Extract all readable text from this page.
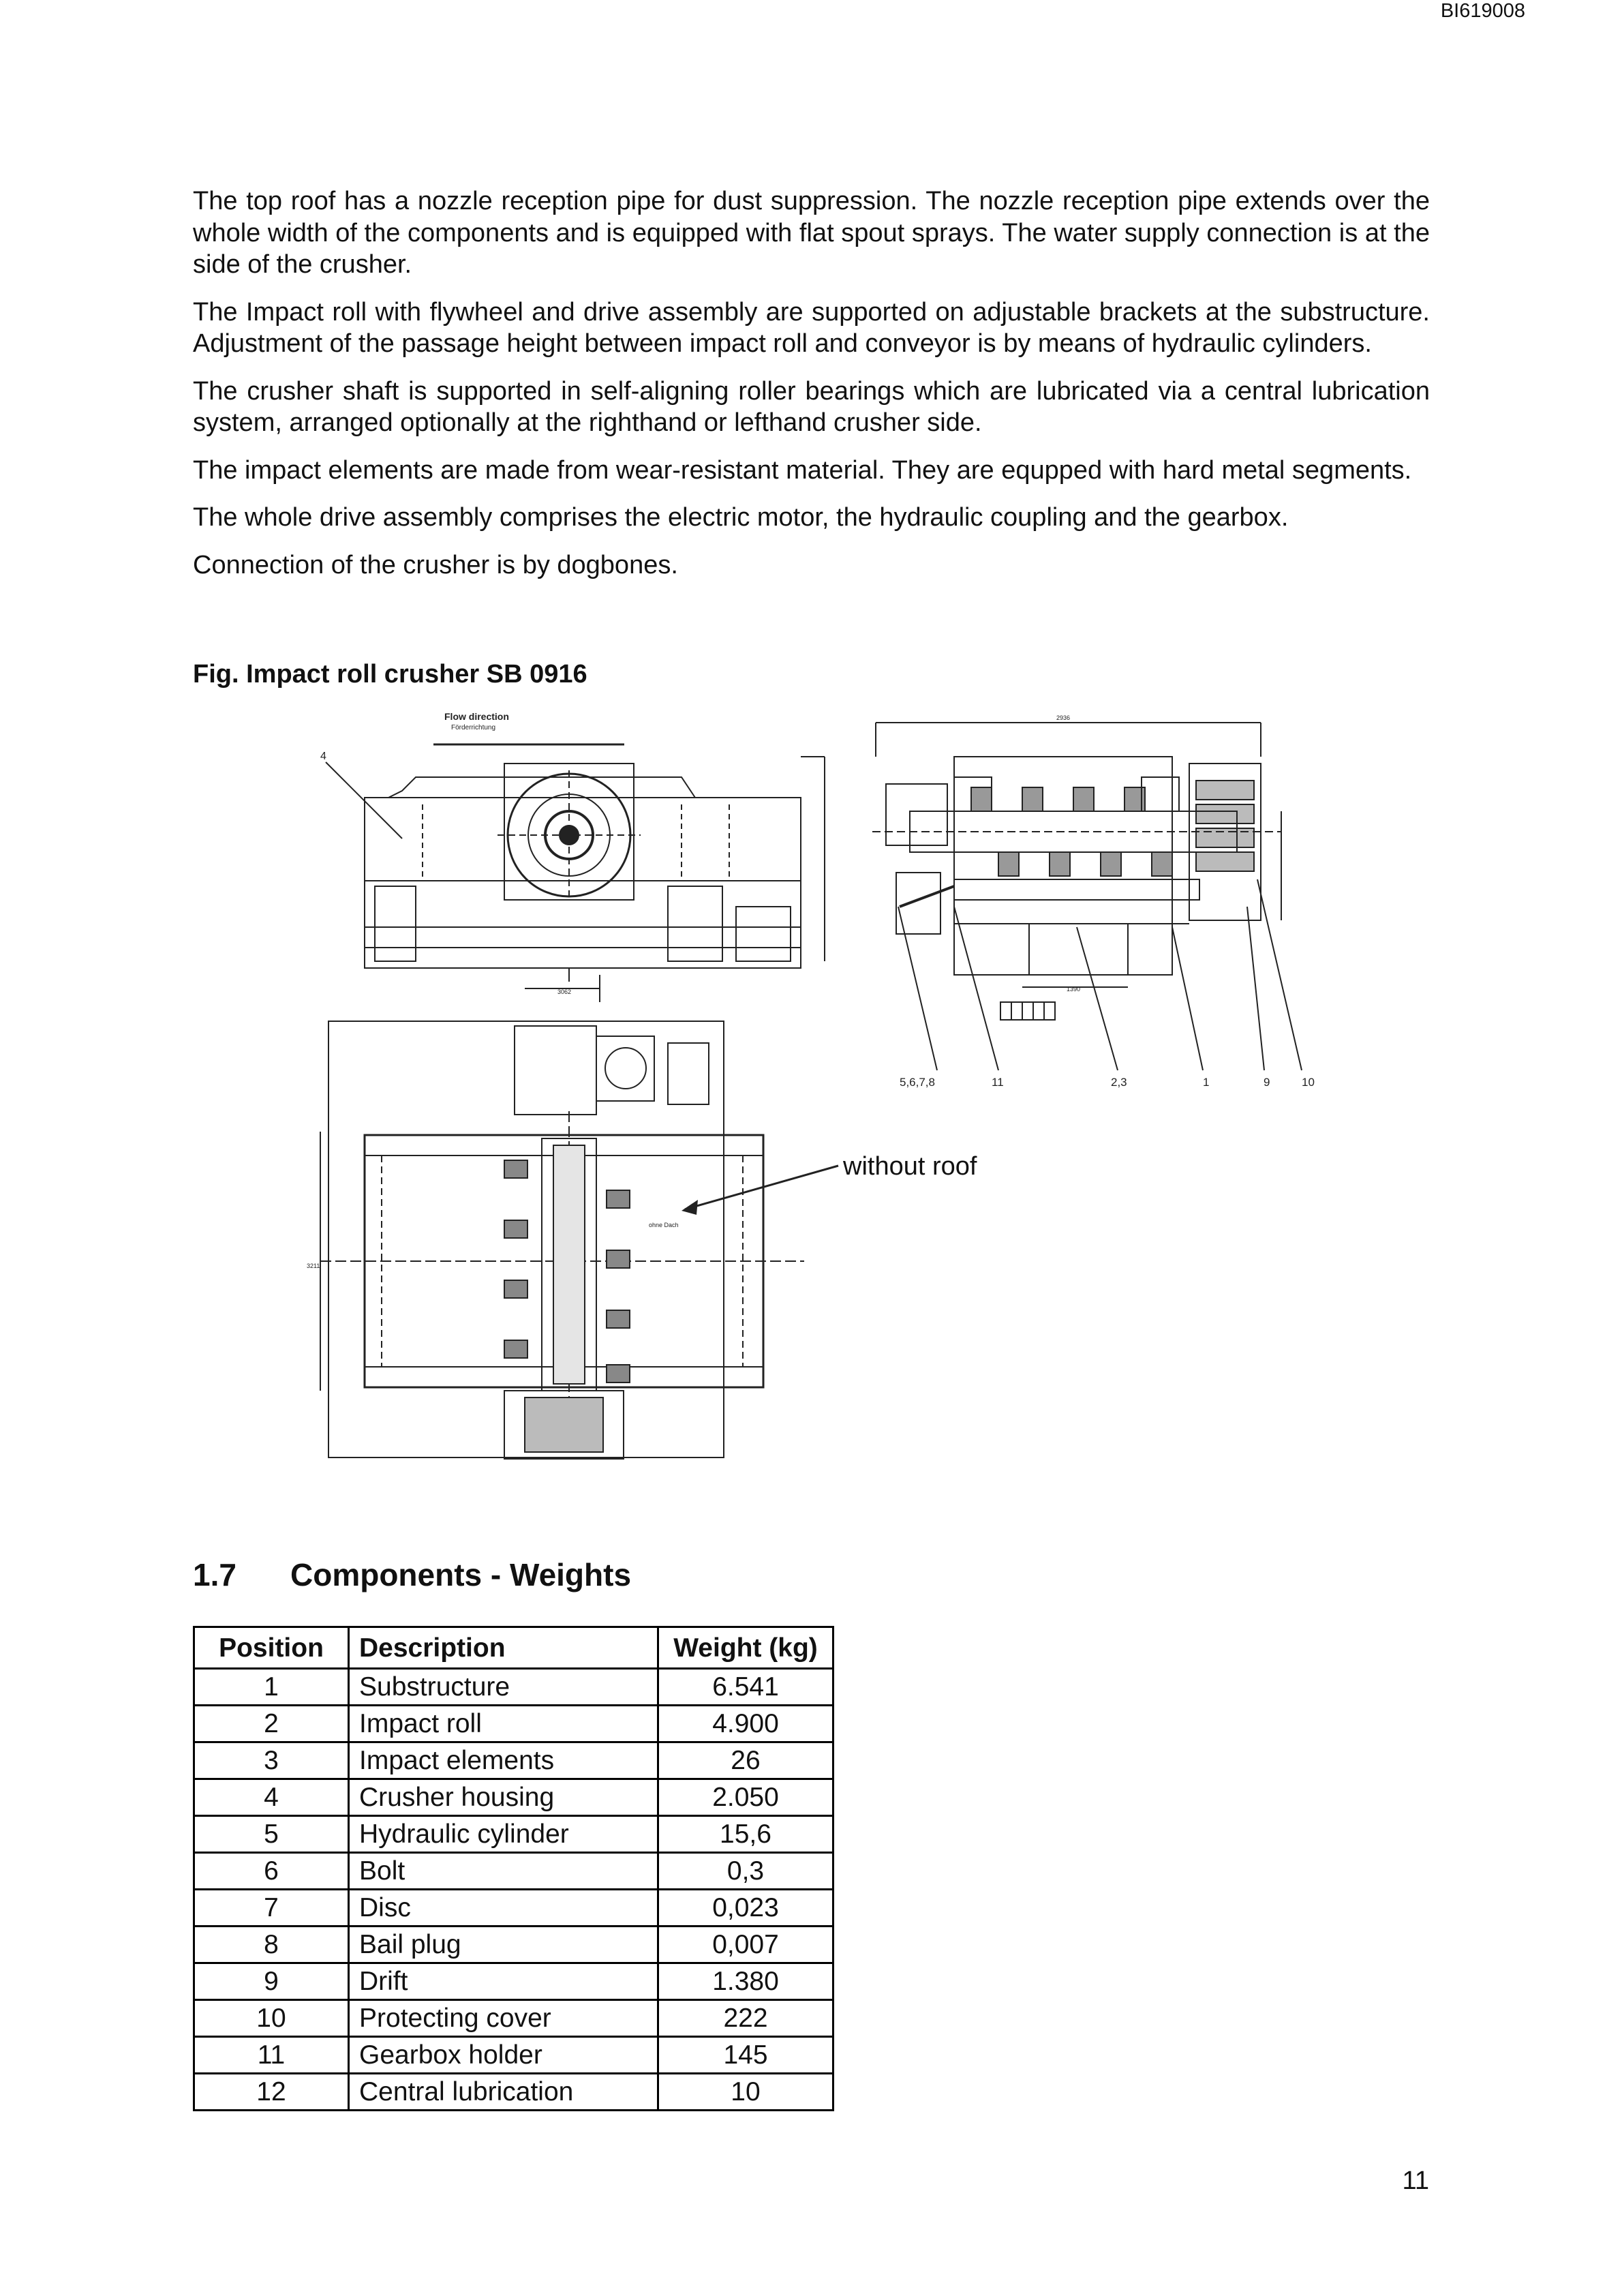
BI619008

The top roof has a nozzle reception pipe for dust suppression. The nozzle reception pipe extends over the whole width of the components and is equipped with flat spout sprays. The water supply connection is at the side of the crusher.

The Impact roll with flywheel and drive assembly are supported on adjustable brackets at the substructure. Adjustment of the passage height between impact roll and conveyor is by means of hydraulic cylinders.

The crusher shaft is supported in self-aligning roller bearings which are lubricated via a central lubrication system, arranged optionally at the righthand or lefthand crusher side.

The impact elements are made from wear-resistant material. They are equpped with hard metal segments.

The whole drive assembly comprises the electric motor, the hydraulic coupling and the gearbox.

Connection of the crusher is by dogbones.

Fig. Impact roll crusher SB 0916
Flow direction
Förderrichtung
4
3062
2936
1390
5,6,7,8	11	2,3	1	9	10
3211
ohne Dach
without roof
1.7 Components - Weights
Position	Description	Weight (kg)
1	Substructure	6.541
2	Impact roll	4.900
3	Impact elements	26
4	Crusher housing	2.050
5	Hydraulic cylinder	15,6
6	Bolt	0,3
7	Disc	0,023
8	Bail plug	0,007
9	Drift	1.380
10	Protecting cover	222
11	Gearbox holder	145
12	Central lubrication	10
11
